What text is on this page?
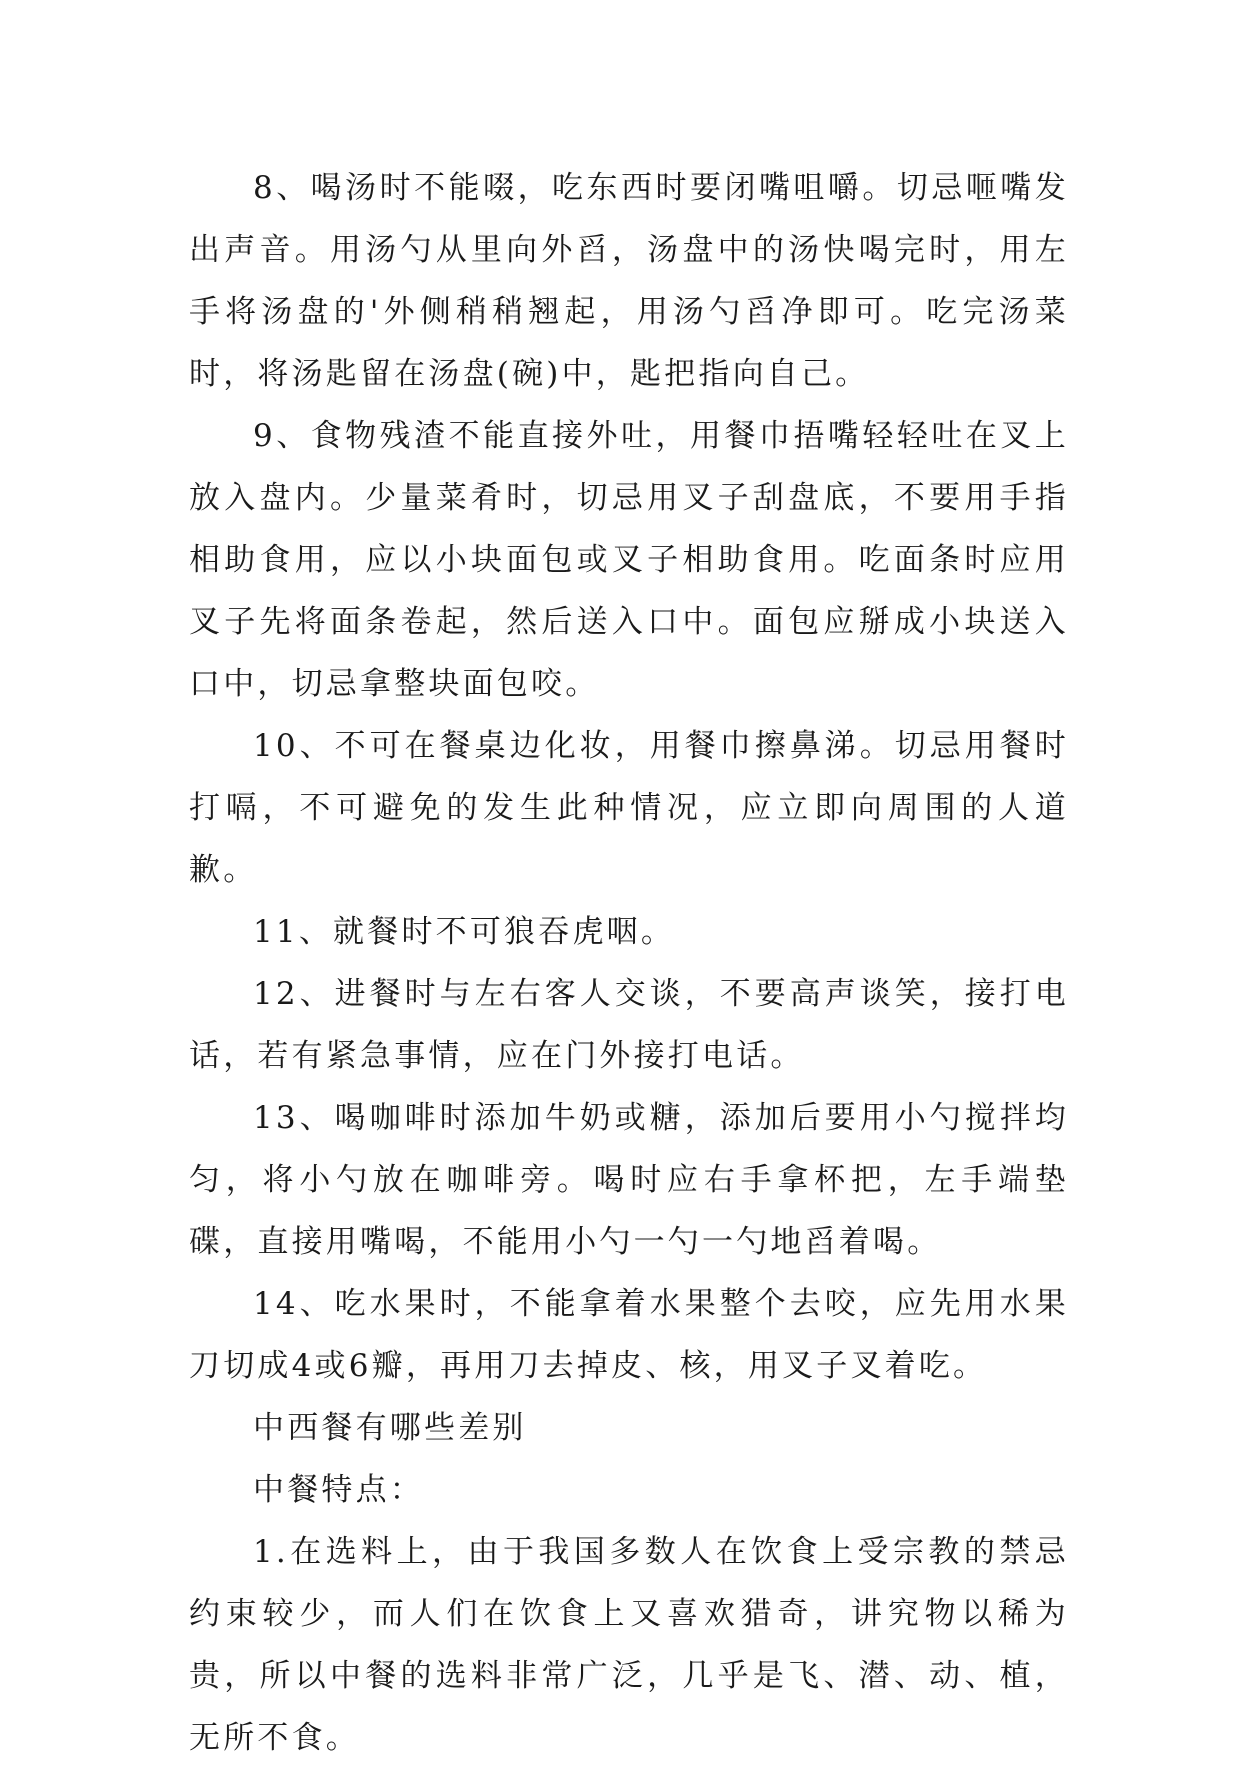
8、喝汤时不能啜，吃东西时要闭嘴咀嚼。切忌咂嘴发出声音。用汤勺从里向外舀，汤盘中的汤快喝完时，用左手将汤盘的'外侧稍稍翘起，用汤勺舀净即可。吃完汤菜时，将汤匙留在汤盘(碗)中，匙把指向自己。

9、食物残渣不能直接外吐，用餐巾捂嘴轻轻吐在叉上放入盘内。少量菜肴时，切忌用叉子刮盘底，不要用手指相助食用，应以小块面包或叉子相助食用。吃面条时应用叉子先将面条卷起，然后送入口中。面包应掰成小块送入口中，切忌拿整块面包咬。

10、不可在餐桌边化妆，用餐巾擦鼻涕。切忌用餐时打嗝，不可避免的发生此种情况，应立即向周围的人道歉。

11、就餐时不可狼吞虎咽。

12、进餐时与左右客人交谈，不要高声谈笑，接打电话，若有紧急事情，应在门外接打电话。

13、喝咖啡时添加牛奶或糖，添加后要用小勺搅拌均匀，将小勺放在咖啡旁。喝时应右手拿杯把，左手端垫碟，直接用嘴喝，不能用小勺一勺一勺地舀着喝。

14、吃水果时，不能拿着水果整个去咬，应先用水果刀切成4或6瓣，再用刀去掉皮、核，用叉子叉着吃。

中西餐有哪些差别

中餐特点：

1.在选料上，由于我国多数人在饮食上受宗教的禁忌约束较少，而人们在饮食上又喜欢猎奇，讲究物以稀为贵，所以中餐的选料非常广泛，几乎是飞、潜、动、植，无所不食。
